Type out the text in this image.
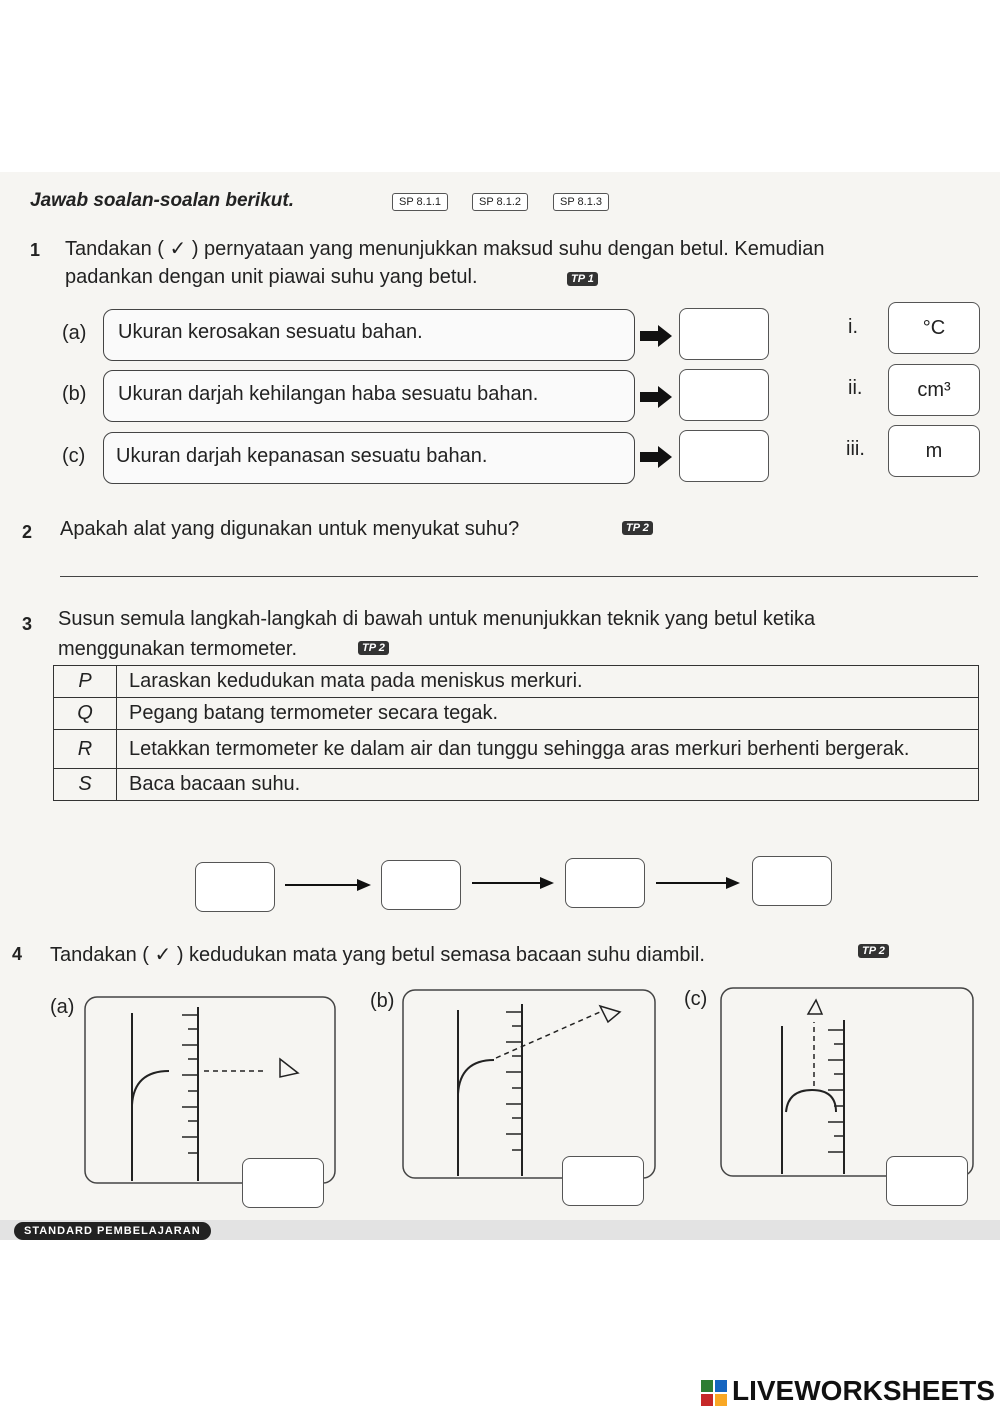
Jawab soalan-soalan berikut.	SP 8.1.1	SP 8.1.2	SP 8.1.3
1 Tandakan ( ✓ ) pernyataan yang menunjukkan maksud suhu dengan betul. Kemudian
padankan dengan unit piawai suhu yang betul.	TP 1
(a) Ukuran kerosakan sesuatu bahan.
(b) Ukuran darjah kehilangan haba sesuatu bahan.
(c) Ukuran darjah kepanasan sesuatu bahan.
i.	°C
ii.	cm³
iii.	m
2 Apakah alat yang digunakan untuk menyukat suhu?	TP 2
3 Susun semula langkah-langkah di bawah untuk menunjukkan teknik yang betul ketika
menggunakan termometer.	TP 2
P	Laraskan kedudukan mata pada meniskus merkuri.
Q	Pegang batang termometer secara tegak.
R	Letakkan termometer ke dalam air dan tunggu sehingga aras merkuri berhenti bergerak.
S	Baca bacaan suhu.
4 Tandakan ( ✓ ) kedudukan mata yang betul semasa bacaan suhu diambil.	TP 2
(a)	(b)	(c)
STANDARD PEMBELAJARAN
LIVEWORKSHEETS
